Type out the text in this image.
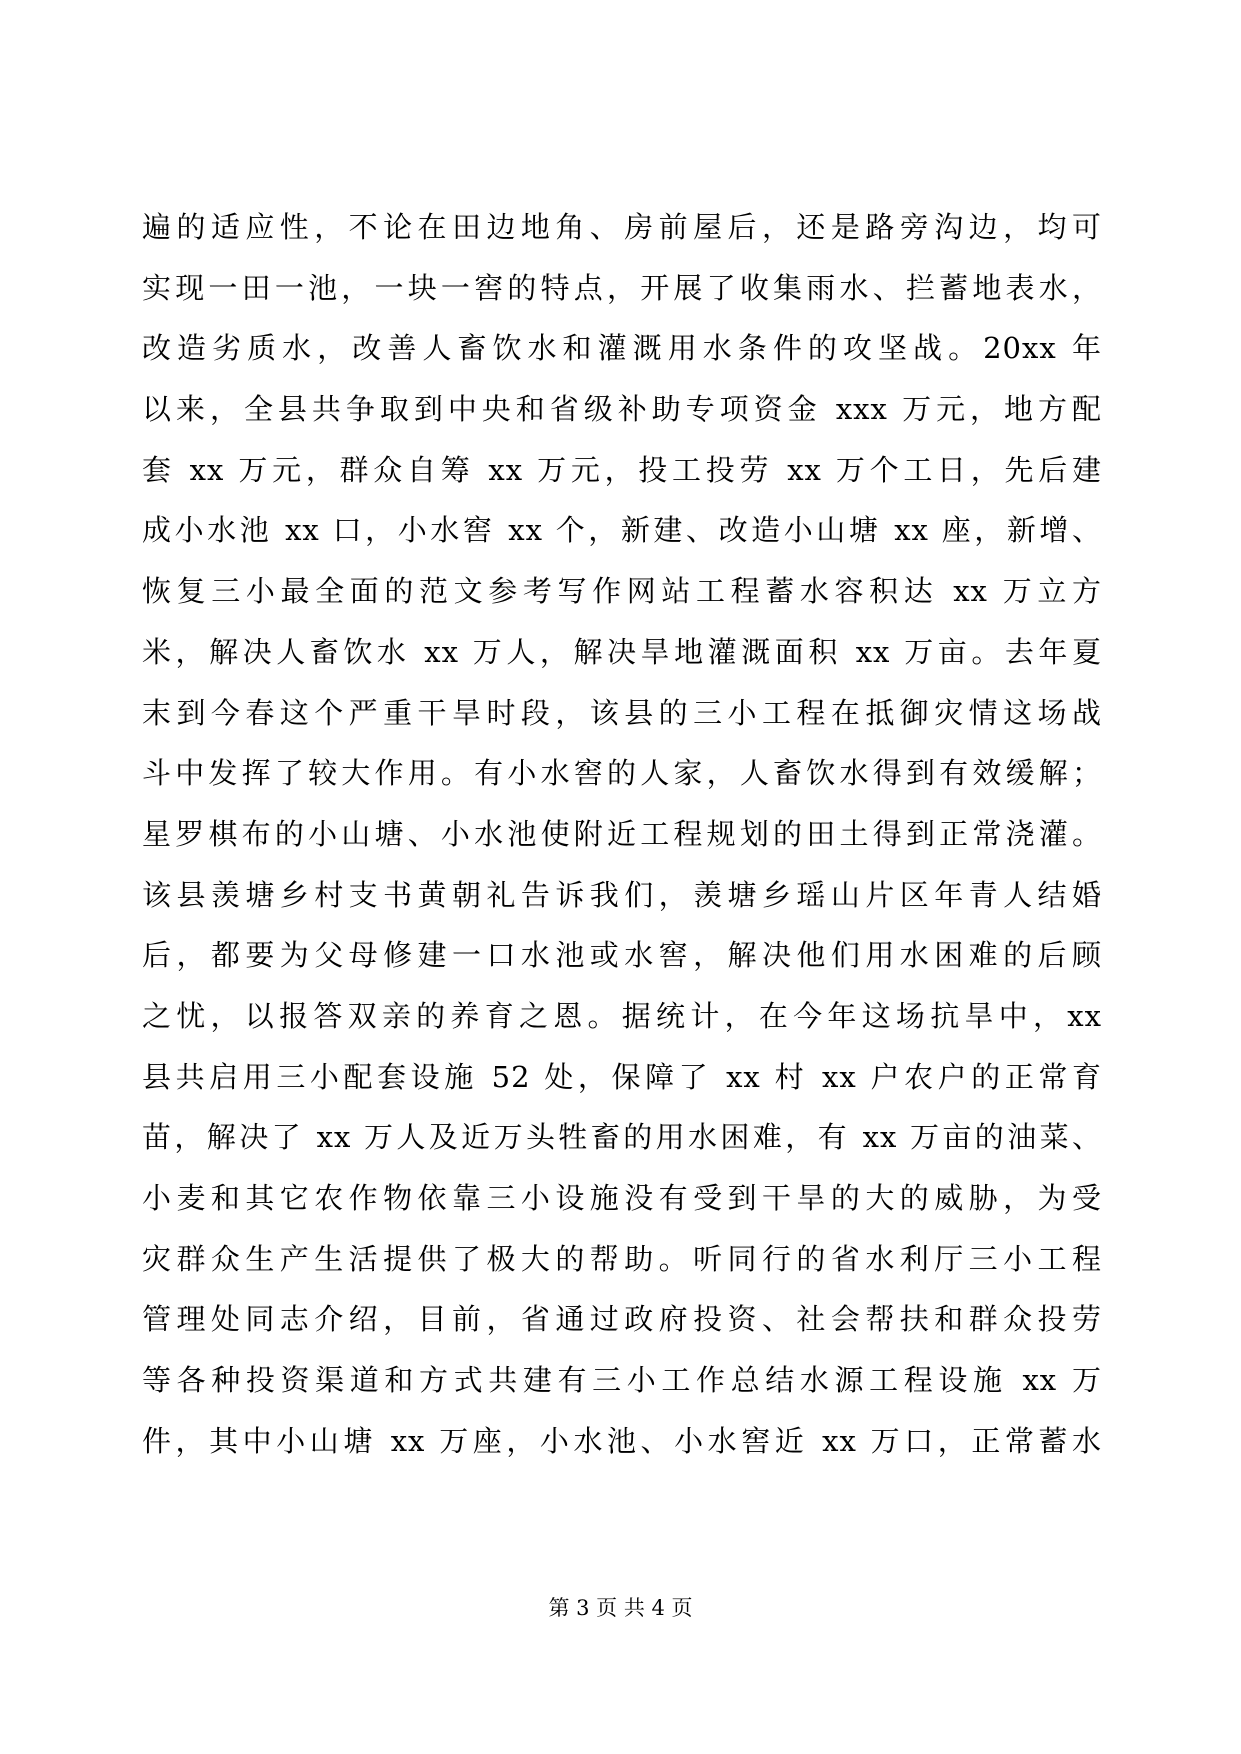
遍的适应性，不论在田边地角、房前屋后，还是路旁沟边，均可
实现一田一池，一块一窖的特点，开展了收集雨水、拦蓄地表水，
改造劣质水，改善人畜饮水和灌溉用水条件的攻坚战。20xx 年
以来，全县共争取到中央和省级补助专项资金 xxx 万元，地方配
套 xx 万元，群众自筹 xx 万元，投工投劳 xx 万个工日，先后建
成小水池 xx 口，小水窖 xx 个，新建、改造小山塘 xx 座，新增、
恢复三小最全面的范文参考写作网站工程蓄水容积达 xx 万立方
米，解决人畜饮水 xx 万人，解决旱地灌溉面积 xx 万亩。去年夏
末到今春这个严重干旱时段，该县的三小工程在抵御灾情这场战
斗中发挥了较大作用。有小水窖的人家，人畜饮水得到有效缓解；
星罗棋布的小山塘、小水池使附近工程规划的田土得到正常浇灌。
该县羡塘乡村支书黄朝礼告诉我们，羡塘乡瑶山片区年青人结婚
后，都要为父母修建一口水池或水窖，解决他们用水困难的后顾
之忧，以报答双亲的养育之恩。据统计，在今年这场抗旱中，xx
县共启用三小配套设施 52 处，保障了 xx 村 xx 户农户的正常育
苗，解决了 xx 万人及近万头牲畜的用水困难，有 xx 万亩的油菜、
小麦和其它农作物依靠三小设施没有受到干旱的大的威胁，为受
灾群众生产生活提供了极大的帮助。听同行的省水利厅三小工程
管理处同志介绍，目前，省通过政府投资、社会帮扶和群众投劳
等各种投资渠道和方式共建有三小工作总结水源工程设施 xx 万
件，其中小山塘 xx 万座，小水池、小水窖近 xx 万口，正常蓄水
第 3 页 共 4 页
